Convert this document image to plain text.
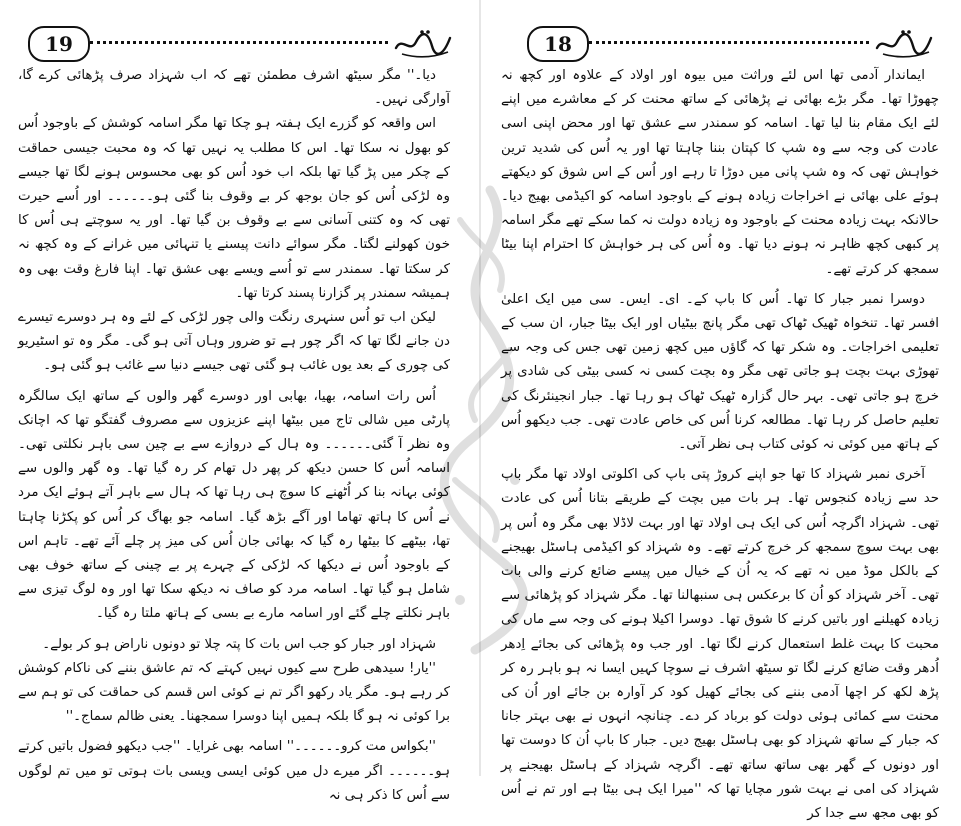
19

دیا۔'' مگر سیٹھ اشرف مطمئن تھے کہ اب شہزاد صرف پڑھائی کرے گا، آوارگی نہیں۔

اس واقعہ کو گزرے ایک ہفتہ ہو چکا تھا مگر اسامہ کوشش کے باوجود اُس کو بھول نہ سکا تھا۔ اس کا مطلب یہ نہیں تھا کہ وہ محبت جیسی حماقت کے چکر میں پڑ گیا تھا بلکہ اب خود اُس کو بھی محسوس ہونے لگا تھا جیسے وہ لڑکی اُس کو جان بوجھ کر بے وقوف بنا گئی ہو۔۔۔۔۔۔ اور اُسے حیرت تھی کہ وہ کتنی آسانی سے بے وقوف بن گیا تھا۔ اور یہ سوچتے ہی اُس کا خون کھولنے لگتا۔ مگر سوائے دانت پیسنے یا تنہائی میں غرانے کے وہ کچھ نہ کر سکتا تھا۔ سمندر سے تو اُسے ویسے بھی عشق تھا۔ اپنا فارغ وقت بھی وہ ہمیشہ سمندر پر گزارنا پسند کرتا تھا۔

لیکن اب تو اُس سنہری رنگت والی چور لڑکی کے لئے وہ ہر دوسرے تیسرے دن جانے لگا تھا کہ اگر چور ہے تو ضرور وہاں آتی ہو گی۔ مگر وہ تو اسٹیریو کی چوری کے بعد یوں غائب ہو گئی تھی جیسے دنیا سے غائب ہو گئی ہو۔

اُس رات اسامہ، بھیا، بھابی اور دوسرے گھر والوں کے ساتھ ایک سالگرہ پارٹی میں شالی تاج میں بیٹھا اپنے عزیزوں سے مصروف گفتگو تھا کہ اچانک وہ نظر آ گئی۔۔۔۔۔۔ وہ ہال کے دروازے سے بے چین سی باہر نکلتی تھی۔ اسامہ اُس کا حسن دیکھ کر پھر دل تھام کر رہ گیا تھا۔ وہ گھر والوں سے کوئی بہانہ بنا کر اُٹھنے کا سوچ ہی رہا تھا کہ ہال سے باہر آتے ہوئے ایک مرد نے اُس کا ہاتھ تھاما اور آگے بڑھ گیا۔ اسامہ جو بھاگ کر اُس کو پکڑنا چاہتا تھا، بیٹھے کا بیٹھا رہ گیا کہ بھائی جان اُس کی میز پر چلے آئے تھے۔ تاہم اس کے باوجود اُس نے دیکھا کہ لڑکی کے چہرے پر بے چینی کے ساتھ خوف بھی شامل ہو گیا تھا۔ اسامہ مرد کو صاف نہ دیکھ سکا تھا اور وہ لوگ تیزی سے باہر نکلتے چلے گئے اور اسامہ مارے بے بسی کے ہاتھ ملتا رہ گیا۔

شہزاد اور جبار کو جب اس بات کا پتہ چلا تو دونوں ناراض ہو کر بولے۔

''یار! سیدھی طرح سے کیوں نہیں کہتے کہ تم عاشق بننے کی ناکام کوشش کر رہے ہو۔ مگر یاد رکھو اگر تم نے کوئی اس قسم کی حماقت کی تو ہم سے برا کوئی نہ ہو گا بلکہ ہمیں اپنا دوسرا سمجھنا۔ یعنی ظالم سماج۔''

''بکواس مت کرو۔۔۔۔۔۔'' اسامہ بھی غرایا۔ ''جب دیکھو فضول باتیں کرتے ہو۔۔۔۔۔۔ اگر میرے دل میں کوئی ایسی ویسی بات ہوتی تو میں تم لوگوں سے اُس کا ذکر ہی نہ

18

ایماندار آدمی تھا اس لئے وراثت میں بیوہ اور اولاد کے علاوہ اور کچھ نہ چھوڑا تھا۔ مگر بڑے بھائی نے پڑھائی کے ساتھ محنت کر کے معاشرے میں اپنے لئے ایک مقام بنا لیا تھا۔ اسامہ کو سمندر سے عشق تھا اور محض اپنی اسی عادت کی وجہ سے وہ شپ کا کپتان بننا چاہتا تھا اور یہ اُس کی شدید ترین خواہش تھی کہ وہ شپ پانی میں دوڑا تا رہے اور اُس کے اس شوق کو دیکھتے ہوئے علی بھائی نے اخراجات زیادہ ہونے کے باوجود اسامہ کو اکیڈمی بھیج دیا۔ حالانکہ بہت زیادہ محنت کے باوجود وہ زیادہ دولت نہ کما سکے تھے مگر اسامہ پر کبھی کچھ ظاہر نہ ہونے دیا تھا۔ وہ اُس کی ہر خواہش کا احترام اپنا بیٹا سمجھ کر کرتے تھے۔

دوسرا نمبر جبار کا تھا۔ اُس کا باپ کے۔ ای۔ ایس۔ سی میں ایک اعلیٰ افسر تھا۔ تنخواہ ٹھیک ٹھاک تھی مگر پانچ بیٹیاں اور ایک بیٹا جبار، ان سب کے تعلیمی اخراجات۔ وہ شکر تھا کہ گاؤں میں کچھ زمین تھی جس کی وجہ سے تھوڑی بہت بچت ہو جاتی تھی مگر وہ بچت کسی نہ کسی بیٹی کی شادی پر خرچ ہو جاتی تھی۔ بہر حال گزارہ ٹھیک ٹھاک ہو رہا تھا۔ جبار انجینئرنگ کی تعلیم حاصل کر رہا تھا۔ مطالعہ کرنا اُس کی خاص عادت تھی۔ جب دیکھو اُس کے ہاتھ میں کوئی نہ کوئی کتاب ہی نظر آتی۔

آخری نمبر شہزاد کا تھا جو اپنے کروڑ پتی باپ کی اکلوتی اولاد تھا مگر باپ حد سے زیادہ کنجوس تھا۔ ہر بات میں بچت کے طریقے بتانا اُس کی عادت تھی۔ شہزاد اگرچہ اُس کی ایک ہی اولاد تھا اور بہت لاڈلا بھی مگر وہ اُس پر بھی بہت سوچ سمجھ کر خرچ کرتے تھے۔ وہ شہزاد کو اکیڈمی ہاسٹل بھیجنے کے بالکل موڈ میں نہ تھے کہ یہ اُن کے خیال میں پیسے ضائع کرنے والی بات تھی۔ آخر شہزاد کو اُن کا برعکس ہی سنبھالنا تھا۔ مگر شہزاد کو پڑھائی سے زیادہ کھیلنے اور باتیں کرنے کا شوق تھا۔ دوسرا اکیلا ہونے کی وجہ سے ماں کی محبت کا بہت غلط استعمال کرنے لگا تھا۔ اور جب وہ پڑھائی کی بجائے اِدھر اُدھر وقت ضائع کرنے لگا تو سیٹھ اشرف نے سوچا کہیں ایسا نہ ہو باہر رہ کر پڑھ لکھ کر اچھا آدمی بننے کی بجائے کھیل کود کر آوارہ بن جائے اور اُن کی محنت سے کمائی ہوئی دولت کو برباد کر دے۔ چنانچہ انہوں نے بھی بہتر جانا کہ جبار کے ساتھ شہزاد کو بھی ہاسٹل بھیج دیں۔ جبار کا باپ اُن کا دوست تھا اور دونوں کے گھر بھی ساتھ ساتھ تھے۔ اگرچہ شہزاد کے ہاسٹل بھیجنے پر شہزاد کی امی نے بہت شور مچایا تھا کہ ''میرا ایک ہی بیٹا ہے اور تم نے اُس کو بھی مجھ سے جدا کر
